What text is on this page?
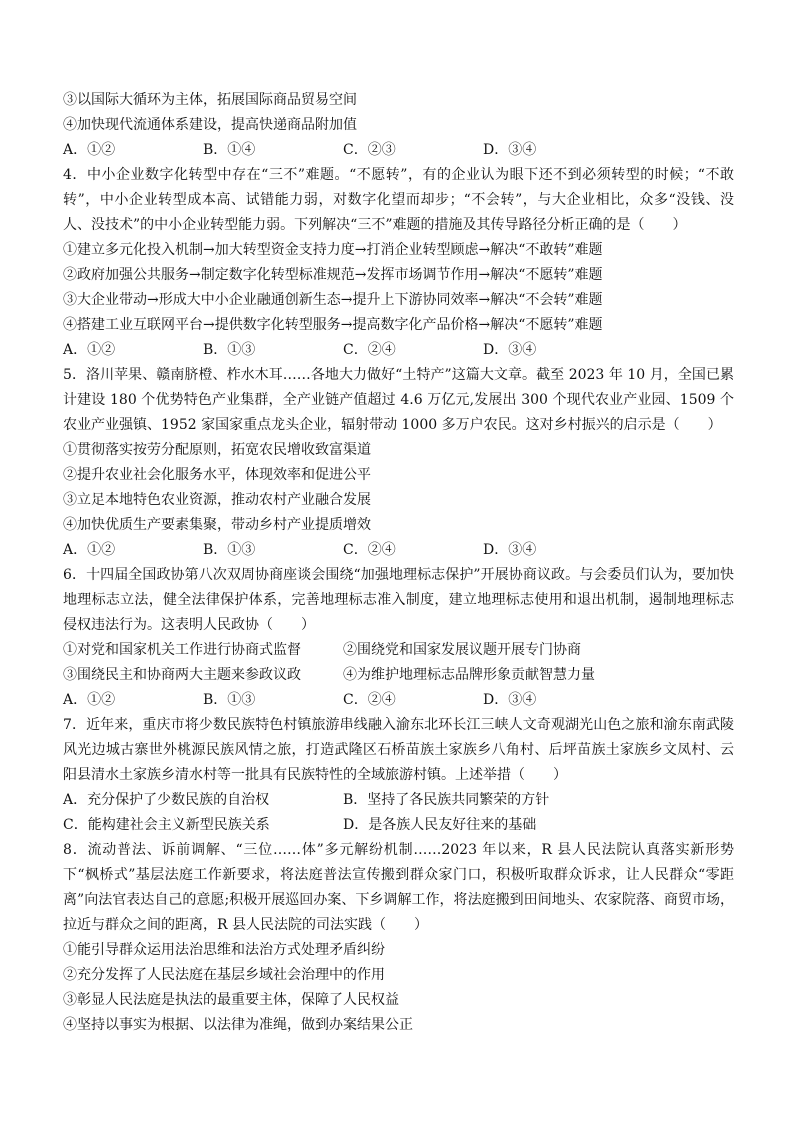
③以国际大循环为主体，拓展国际商品贸易空间
④加快现代流通体系建设，提高快递商品附加值
A．①②	B．①④	C．②③	D．③④
4．中小企业数字化转型中存在“三不”难题。“不愿转”，有的企业认为眼下还不到必须转型的时候；“不敢转”，中小企业转型成本高、试错能力弱，对数字化望而却步；“不会转”，与大企业相比，众多“没钱、没人、没技术”的中小企业转型能力弱。下列解决“三不”难题的措施及其传导路径分析正确的是（　　）
①建立多元化投入机制→加大转型资金支持力度→打消企业转型顾虑→解决“不敢转”难题
②政府加强公共服务→制定数字化转型标准规范→发挥市场调节作用→解决“不愿转”难题
③大企业带动→形成大中小企业融通创新生态→提升上下游协同效率→解决“不会转”难题
④搭建工业互联网平台→提供数字化转型服务→提高数字化产品价格→解决“不愿转”难题
A．①②	B．①③	C．②④	D．③④
5．洛川苹果、赣南脐橙、柞水木耳……各地大力做好“土特产”这篇大文章。截至 2023 年 10 月，全国已累计建设 180 个优势特色产业集群，全产业链产值超过 4.6 万亿元,发展出 300 个现代农业产业园、1509 个农业产业强镇、1952 家国家重点龙头企业，辐射带动 1000 多万户农民。这对乡村振兴的启示是（　　）
①贯彻落实按劳分配原则，拓宽农民增收致富渠道
②提升农业社会化服务水平，体现效率和促进公平
③立足本地特色农业资源，推动农村产业融合发展
④加快优质生产要素集聚，带动乡村产业提质增效
A．①②	B．①③	C．②④	D．③④
6．十四届全国政协第八次双周协商座谈会围绕“加强地理标志保护”开展协商议政。与会委员们认为，要加快地理标志立法，健全法律保护体系，完善地理标志准入制度，建立地理标志使用和退出机制，遏制地理标志侵权违法行为。这表明人民政协（　　）
①对党和国家机关工作进行协商式监督	②围绕党和国家发展议题开展专门协商
③围绕民主和协商两大主题来参政议政	④为维护地理标志品牌形象贡献智慧力量
A．①②	B．①③	C．②④	D．③④
7．近年来，重庆市将少数民族特色村镇旅游串线融入渝东北环长江三峡人文奇观湖光山色之旅和渝东南武陵风光边城古寨世外桃源民族风情之旅，打造武隆区石桥苗族土家族乡八角村、后坪苗族土家族乡文凤村、云阳县清水土家族乡清水村等一批具有民族特性的全域旅游村镇。上述举措（　　）
A．充分保护了少数民族的自治权	B．坚持了各民族共同繁荣的方针
C．能构建社会主义新型民族关系	D．是各族人民友好往来的基础
8．流动普法、诉前调解、“三位……体”多元解纷机制……2023 年以来，R 县人民法院认真落实新形势下“枫桥式”基层法庭工作新要求，将法庭普法宣传搬到群众家门口，积极听取群众诉求，让人民群众“零距离”向法官表达自己的意愿;积极开展巡回办案、下乡调解工作，将法庭搬到田间地头、农家院落、商贸市场，拉近与群众之间的距离，R 县人民法院的司法实践（　　）
①能引导群众运用法治思维和法治方式处理矛盾纠纷
②充分发挥了人民法庭在基层乡域社会治理中的作用
③彰显人民法庭是执法的最重要主体，保障了人民权益
④坚持以事实为根据、以法律为准绳，做到办案结果公正
